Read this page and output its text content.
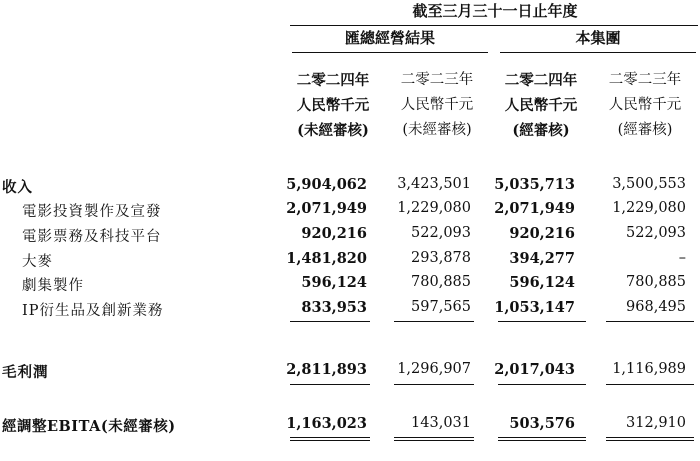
截至三月三十一日止年度
匯總經營結果	本集團
二零二四年
人民幣千元
(未經審核)
二零二三年
人民幣千元
(未經審核)
二零二四年
人民幣千元
(經審核)
二零二三年
人民幣千元
(經審核)
收入	5,904,062	3,423,501	5,035,713	3,500,553
電影投資製作及宣發	2,071,949	1,229,080	2,071,949	1,229,080
電影票務及科技平台	920,216	522,093	920,216	522,093
大麥	1,481,820	293,878	394,277	–
劇集製作	596,124	780,885	596,124	780,885
IP衍生品及創新業務	833,953	597,565	1,053,147	968,495
毛利潤	2,811,893	1,296,907	2,017,043	1,116,989
經調整EBITA(未經審核)	1,163,023	143,031	503,576	312,910
